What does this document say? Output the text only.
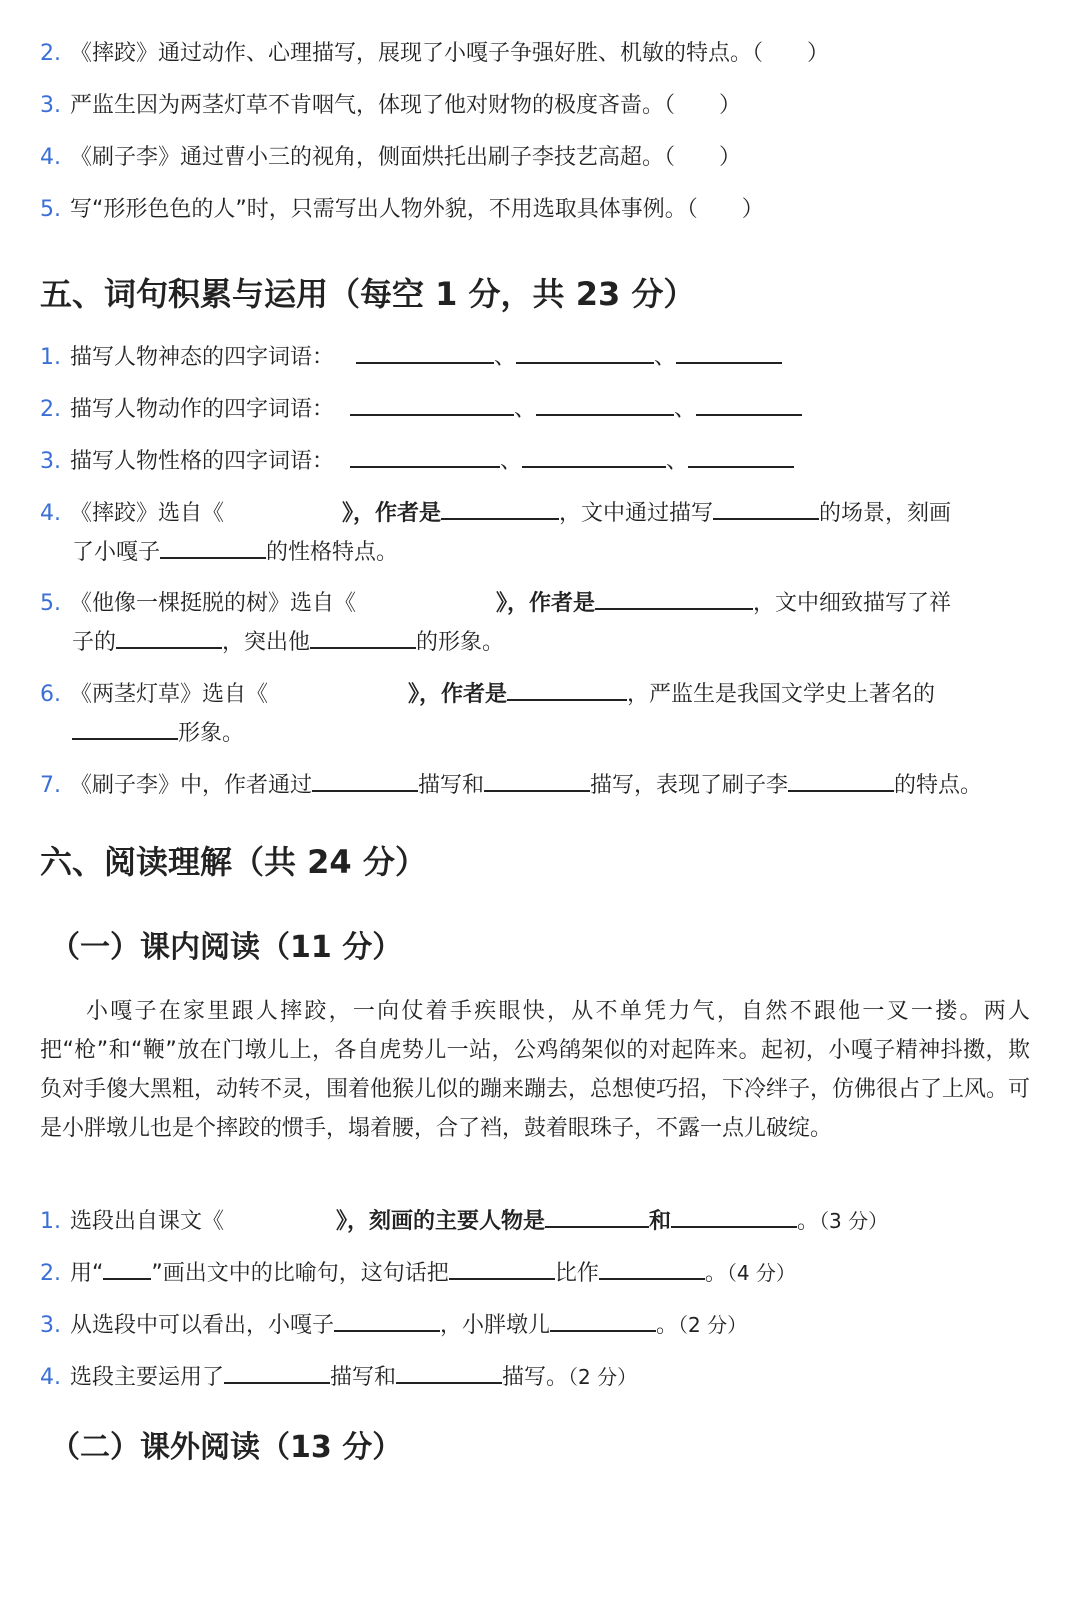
2. 《摔跤》通过动作、心理描写，展现了小嘎子争强好胜、机敏的特点。（　　）
3. 严监生因为两茎灯草不肯咽气，体现了他对财物的极度吝啬。（　　）
4. 《刷子李》通过曹小三的视角，侧面烘托出刷子李技艺高超。（　　）
5. 写“形形色色的人”时，只需写出人物外貌，不用选取具体事例。（　　）
五、词句积累与运用（每空 1 分，共 23 分）
1. 描写人物神态的四字词语：	、	、
2. 描写人物动作的四字词语：	、	、
3. 描写人物性格的四字词语：	、	、
4. 《摔跤》选自《	》，作者是	，文中通过描写	的场景，刻画
了小嘎子	的性格特点。
5. 《他像一棵挺脱的树》选自《	》，作者是	，文中细致描写了祥
子的	，突出他	的形象。
6. 《两茎灯草》选自《	》，作者是	，严监生是我国文学史上著名的
形象。
7. 《刷子李》中，作者通过	描写和	描写，表现了刷子李	的特点。
六、阅读理解（共 24 分）
（一）课内阅读（11 分）
小嘎子在家里跟人摔跤，一向仗着手疾眼快，从不单凭力气，自然不跟他一叉一搂。两人把“枪”和“鞭”放在门墩儿上，各自虎势儿一站，公鸡鹐架似的对起阵来。起初，小嘎子精神抖擞，欺负对手傻大黑粗，动转不灵，围着他猴儿似的蹦来蹦去，总想使巧招，下冷绊子，仿佛很占了上风。可是小胖墩儿也是个摔跤的惯手，塌着腰，合了裆，鼓着眼珠子，不露一点儿破绽。
1. 选段出自课文《	》，刻画的主要人物是	和	。（3 分）
2. 用“ ”画出文中的比喻句，这句话把	比作	。（4 分）
3. 从选段中可以看出，小嘎子	，小胖墩儿	。（2 分）
4. 选段主要运用了	描写和	描写。（2 分）
（二）课外阅读（13 分）
